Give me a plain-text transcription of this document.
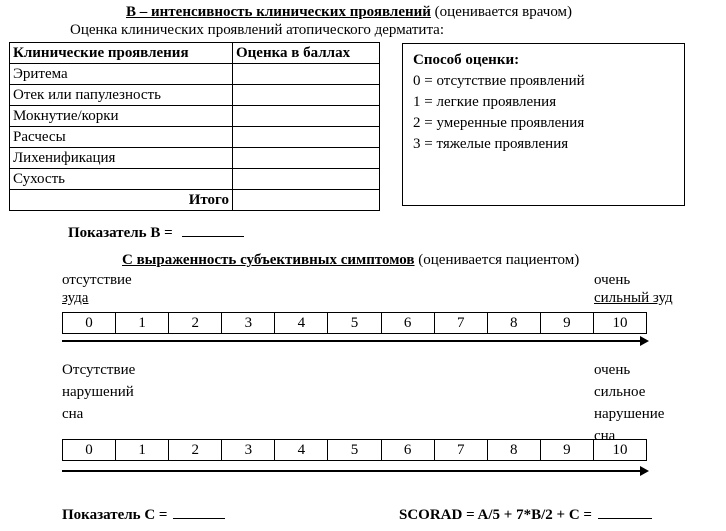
В – интенсивность клинических проявлений (оценивается врачом)
Оценка клинических проявлений атопического дерматита:
Клинические проявления	Оценка в баллах
Эритема	
Отек или папулезность	
Мокнутие/корки	
Расчесы	
Лихенификация	
Сухость	
Итого	
Способ оценки:
0 = отсутствие проявлений
1 = легкие проявления
2 = умеренные проявления
3 = тяжелые проявления
Показатель В =
С выраженность субъективных симптомов (оценивается пациентом)
отсутствие
зуда
очень
сильный зуд
0	1	2	3	4	5	6	7	8	9	10
Отсутствие
нарушений
сна
очень
сильное
нарушение
сна
0	1	2	3	4	5	6	7	8	9	10
Показатель С =	SCORAD = A/5 + 7*B/2 + C =
